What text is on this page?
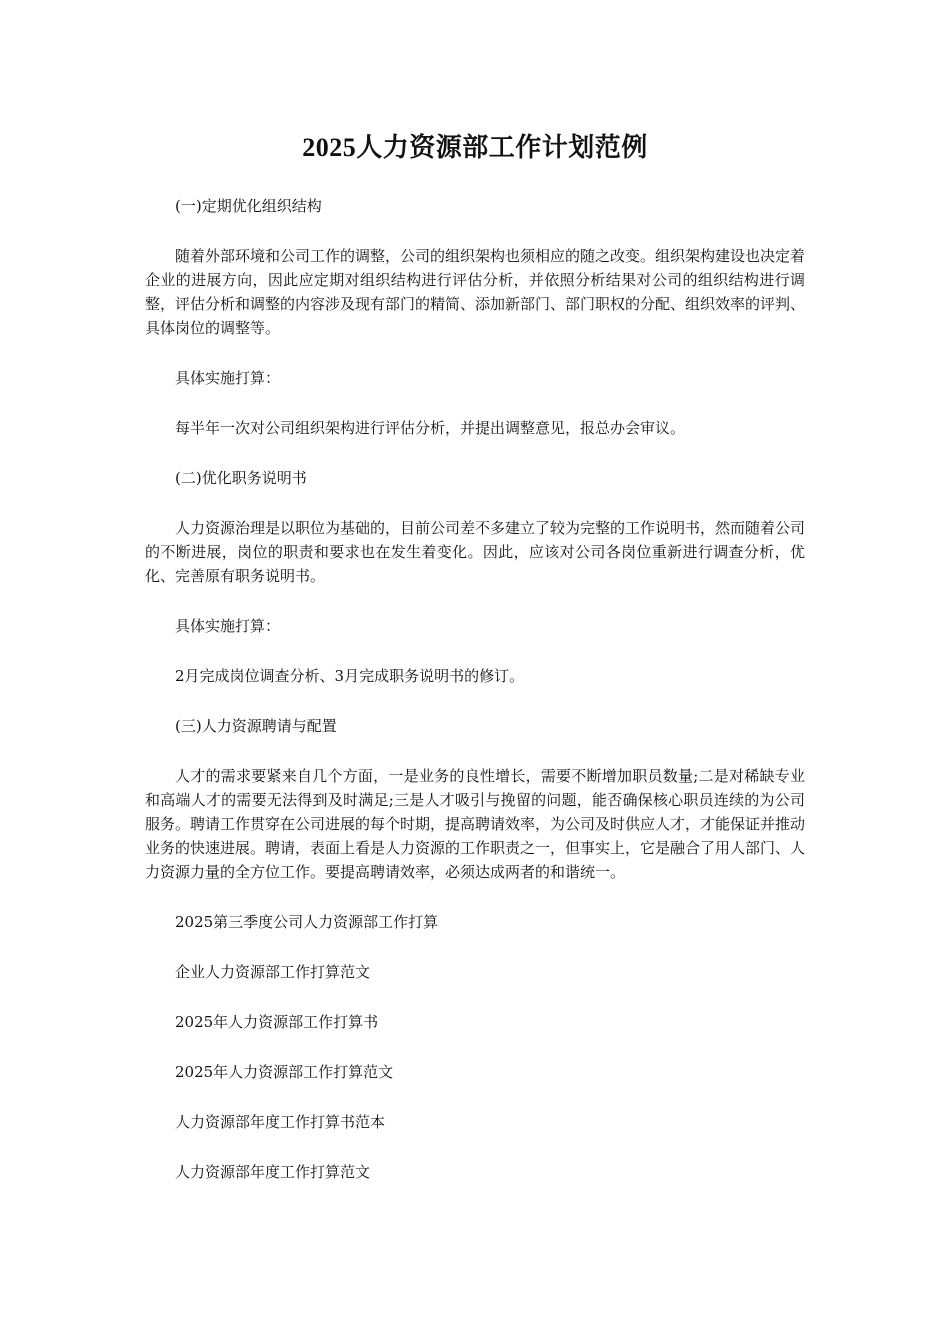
2025人力资源部工作计划范例

(一)定期优化组织结构

随着外部环境和公司工作的调整，公司的组织架构也须相应的随之改变。组织架构建设也决定着企业的进展方向，因此应定期对组织结构进行评估分析，并依照分析结果对公司的组织结构进行调整，评估分析和调整的内容涉及现有部门的精简、添加新部门、部门职权的分配、组织效率的评判、具体岗位的调整等。

具体实施打算：

每半年一次对公司组织架构进行评估分析，并提出调整意见，报总办会审议。

(二)优化职务说明书

人力资源治理是以职位为基础的，目前公司差不多建立了较为完整的工作说明书，然而随着公司的不断进展，岗位的职责和要求也在发生着变化。因此，应该对公司各岗位重新进行调查分析，优化、完善原有职务说明书。

具体实施打算：

2月完成岗位调查分析、3月完成职务说明书的修订。

(三)人力资源聘请与配置

人才的需求要紧来自几个方面，一是业务的良性增长，需要不断增加职员数量;二是对稀缺专业和高端人才的需要无法得到及时满足;三是人才吸引与挽留的问题，能否确保核心职员连续的为公司服务。聘请工作贯穿在公司进展的每个时期，提高聘请效率，为公司及时供应人才，才能保证并推动业务的快速进展。聘请，表面上看是人力资源的工作职责之一，但事实上，它是融合了用人部门、人力资源力量的全方位工作。要提高聘请效率，必须达成两者的和谐统一。

2025第三季度公司人力资源部工作打算

企业人力资源部工作打算范文

2025年人力资源部工作打算书

2025年人力资源部工作打算范文

人力资源部年度工作打算书范本

人力资源部年度工作打算范文
